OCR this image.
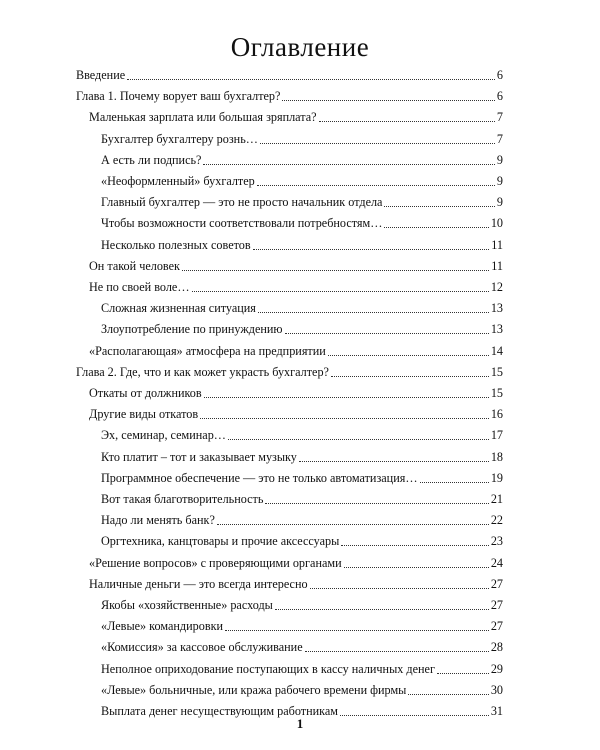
Оглавление
Введение	6
Глава 1. Почему ворует ваш бухгалтер?	6
Маленькая зарплата или большая зряплата?	7
Бухгалтер бухгалтеру рознь…	7
А есть ли подпись?	9
«Неоформленный» бухгалтер	9
Главный бухгалтер — это не просто начальник отдела	9
Чтобы возможности соответствовали потребностям…	10
Несколько полезных советов	11
Он такой человек	11
Не по своей воле…	12
Сложная жизненная ситуация	13
Злоупотребление по принуждению	13
«Располагающая» атмосфера на предприятии	14
Глава 2. Где, что и как может украсть бухгалтер?	15
Откаты от должников	15
Другие виды откатов	16
Эх, семинар, семинар…	17
Кто платит – тот и заказывает музыку	18
Программное обеспечение — это не только автоматизация…	19
Вот такая благотворительность	21
Надо ли менять банк?	22
Оргтехника, канцтовары и прочие аксессуары	23
«Решение вопросов» с проверяющими органами	24
Наличные деньги — это всегда интересно	27
Якобы «хозяйственные» расходы	27
«Левые» командировки	27
«Комиссия» за кассовое обслуживание	28
Неполное оприходование поступающих в кассу наличных денег	29
«Левые» больничные, или кража рабочего времени фирмы	30
Выплата денег несуществующим работникам	31
1
